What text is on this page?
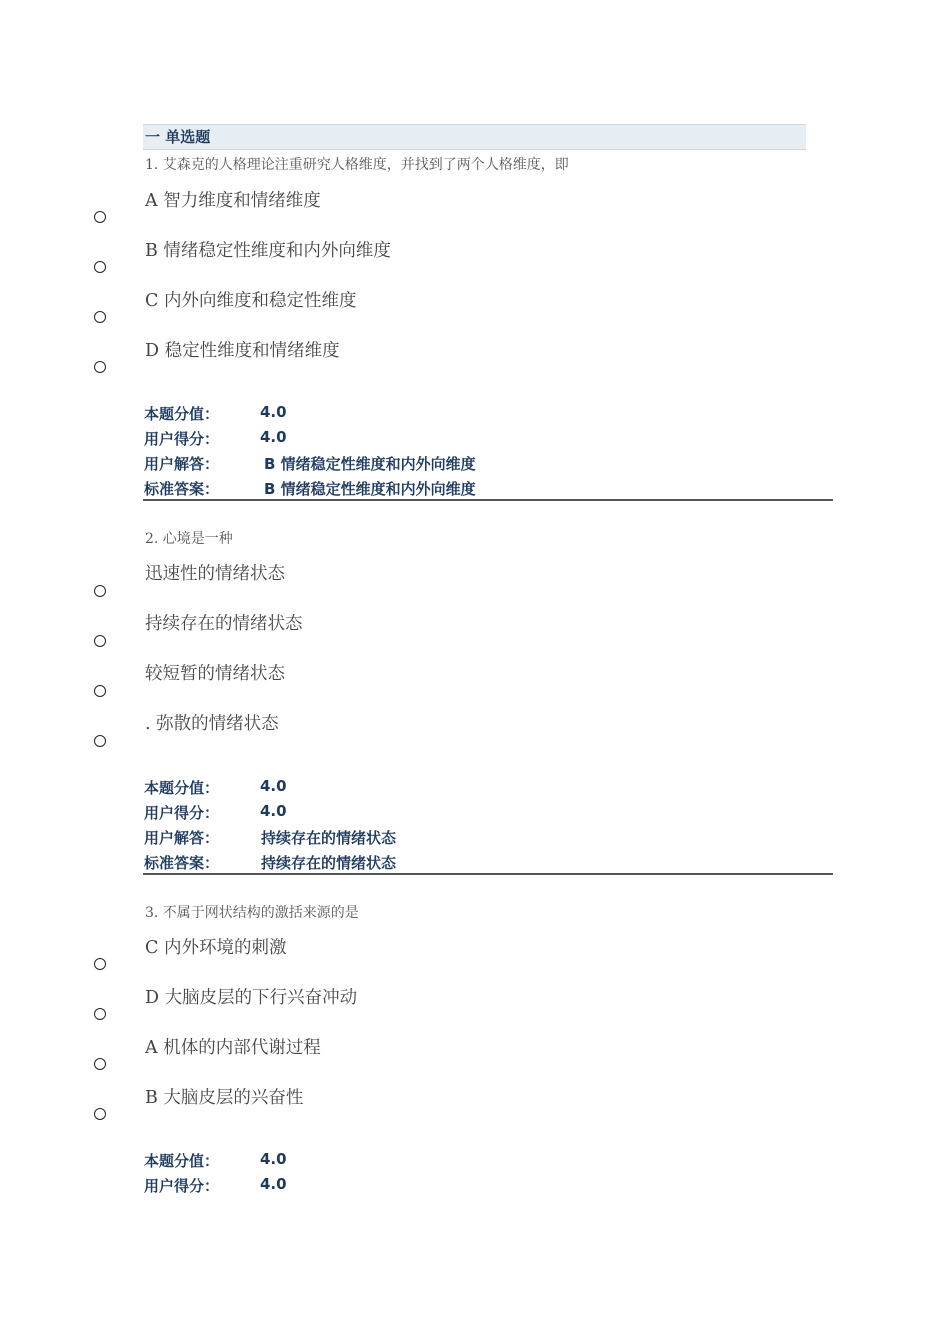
一 单选题
1. 艾森克的人格理论注重研究人格维度，并找到了两个人格维度，即
A 智力维度和情绪维度
B 情绪稳定性维度和内外向维度
C 内外向维度和稳定性维度
D 稳定性维度和情绪维度
本题分值：	4.0
用户得分：	4.0
用户解答：	B 情绪稳定性维度和内外向维度
标准答案：	B 情绪稳定性维度和内外向维度
2. 心境是一种
迅速性的情绪状态
持续存在的情绪状态
较短暂的情绪状态
. 弥散的情绪状态
本题分值：	4.0
用户得分：	4.0
用户解答：	持续存在的情绪状态
标准答案：	持续存在的情绪状态
3. 不属于网状结构的激括来源的是
C 内外环境的刺激
D 大脑皮层的下行兴奋冲动
A 机体的内部代谢过程
B 大脑皮层的兴奋性
本题分值：	4.0
用户得分：	4.0
